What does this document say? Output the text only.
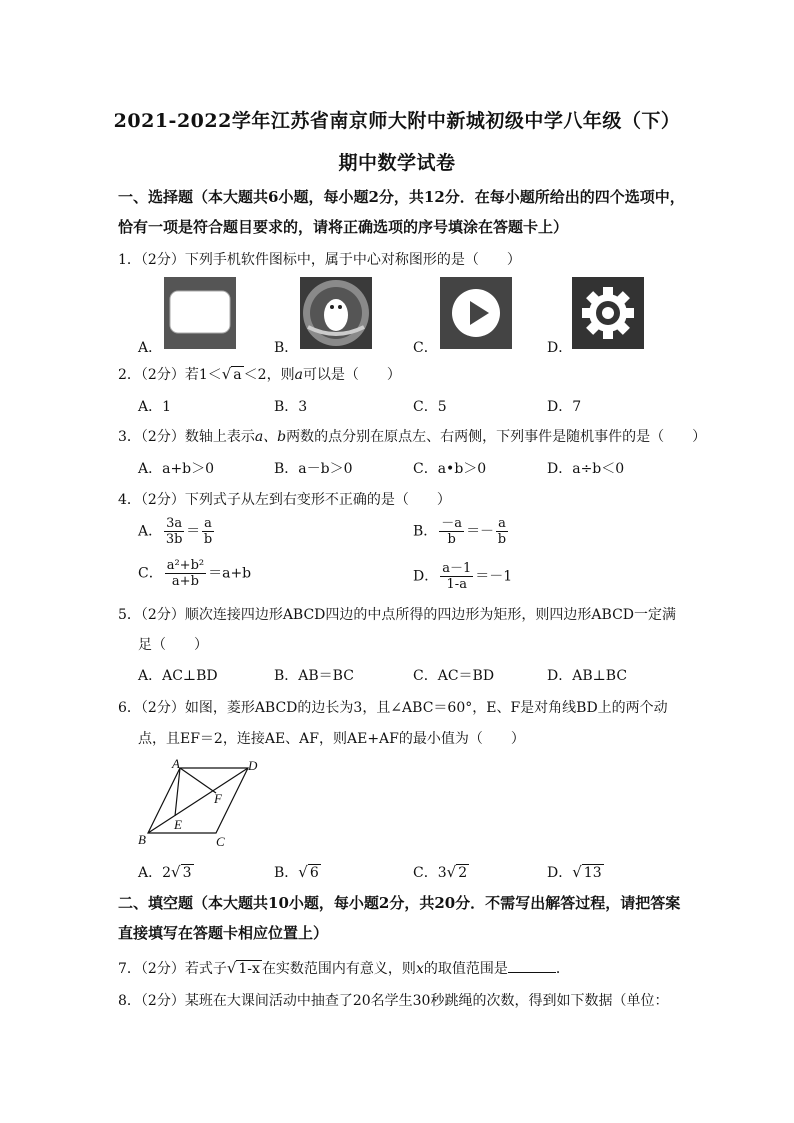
2021-2022学年江苏省南京师大附中新城初级中学八年级（下）
期中数学试卷
一、选择题（本大题共6小题，每小题2分，共12分．在每小题所给出的四个选项中，恰有一项是符合题目要求的，请将正确选项的序号填涂在答题卡上）
1．（2分）下列手机软件图标中，属于中心对称图形的是（　　）
A．	B．	C．	D．
2．（2分）若1＜√ a ＜2，则a可以是（　　）
A．1	B．3	C．5	D．7
3．（2分）数轴上表示a、b两数的点分别在原点左、右两侧，下列事件是随机事件的是（　　）
A．a+b＞0	B．a－b＞0	C．a•b＞0	D．a÷b＜0
4．（2分）下列式子从左到右变形不正确的是（　　）
A． $\frac{3a}{3b} = \frac{a}{b}$	B． $\frac{-a}{b} =- \frac{a}{b}$
C． $\frac{\text{a²+b²}}{a+b} =a+b$	D． $\frac{a-1}{1-a} =-1$
5．（2分）顺次连接四边形ABCD四边的中点所得的四边形为矩形，则四边形ABCD一定满
足（　　）
A．AC⊥BD	B．AB＝BC	C．AC＝BD	D．AB⊥BC
6．（2分）如图，菱形ABCD的边长为3，且∠ABC＝60°，E、F是对角线BD上的两个动
点，且EF＝2，连接AE、AF，则AE+AF的最小值为（　　）
A	D
F
E
B	C
A．2√ 3	B．√ 6	C．3√ 2	D．√ 13
二、填空题（本大题共10小题，每小题2分，共20分．不需写出解答过程，请把答案直接填写在答题卡相应位置上）
7．（2分）若式子√ 1-x 在实数范围内有意义，则x的取值范围是	．
8．（2分）某班在大课间活动中抽查了20名学生30秒跳绳的次数，得到如下数据（单位：
